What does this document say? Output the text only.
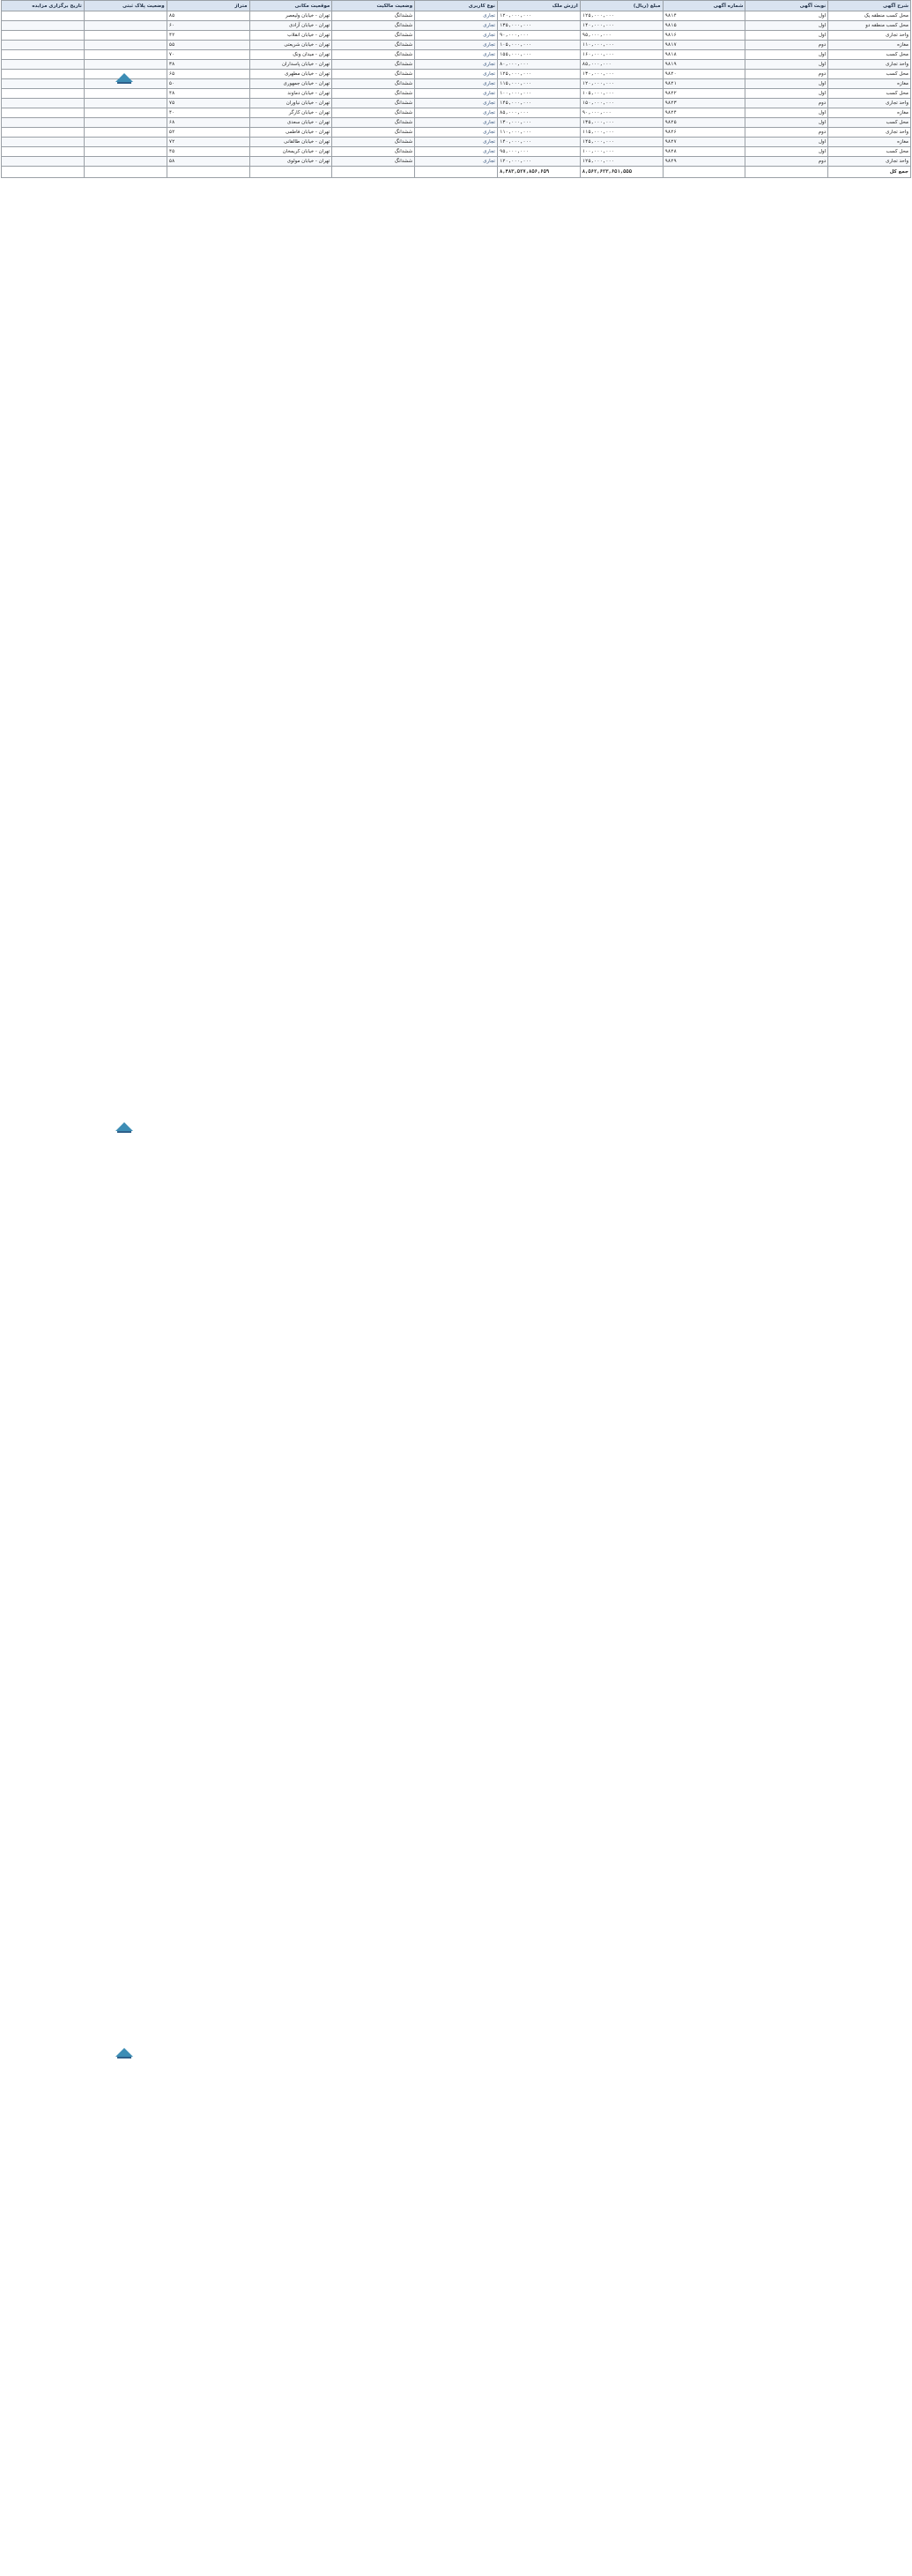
شرح آگهی	نوبت آگهی	شماره آگهی	مبلغ (ریال)	ارزش ملک	نوع کاربری	وضعیت مالکیت	موقعیت مکانی	متراژ	وضعیت پلاک ثبتی	تاریخ برگزاری مزایده
محل کسب منطقه یک	اول	۹۸۱۴	۱۲۵,۰۰۰,۰۰۰	۱۲۰,۰۰۰,۰۰۰	تجاری	ششدانگ	تهران - خیابان ولیعصر	۸۵		
محل کسب منطقه دو	اول	۹۸۱۵	۱۴۰,۰۰۰,۰۰۰	۱۳۵,۰۰۰,۰۰۰	تجاری	ششدانگ	تهران - خیابان آزادی	۶۰		
واحد تجاری	اول	۹۸۱۶	۹۵,۰۰۰,۰۰۰	۹۰,۰۰۰,۰۰۰	تجاری	ششدانگ	تهران - خیابان انقلاب	۴۲		
مغازه	دوم	۹۸۱۷	۱۱۰,۰۰۰,۰۰۰	۱۰۵,۰۰۰,۰۰۰	تجاری	ششدانگ	تهران - خیابان شریعتی	۵۵		
محل کسب	اول	۹۸۱۸	۱۶۰,۰۰۰,۰۰۰	۱۵۵,۰۰۰,۰۰۰	تجاری	ششدانگ	تهران - میدان ونک	۷۰		
واحد تجاری	اول	۹۸۱۹	۸۵,۰۰۰,۰۰۰	۸۰,۰۰۰,۰۰۰	تجاری	ششدانگ	تهران - خیابان پاسداران	۳۸		
محل کسب	دوم	۹۸۲۰	۱۳۰,۰۰۰,۰۰۰	۱۲۵,۰۰۰,۰۰۰	تجاری	ششدانگ	تهران - خیابان مطهری	۶۵		
مغازه	اول	۹۸۲۱	۱۲۰,۰۰۰,۰۰۰	۱۱۵,۰۰۰,۰۰۰	تجاری	ششدانگ	تهران - خیابان جمهوری	۵۰		
محل کسب	اول	۹۸۲۲	۱۰۵,۰۰۰,۰۰۰	۱۰۰,۰۰۰,۰۰۰	تجاری	ششدانگ	تهران - خیابان دماوند	۴۸		
واحد تجاری	دوم	۹۸۲۳	۱۵۰,۰۰۰,۰۰۰	۱۴۵,۰۰۰,۰۰۰	تجاری	ششدانگ	تهران - خیابان نیاوران	۷۵		
مغازه	اول	۹۸۲۴	۹۰,۰۰۰,۰۰۰	۸۵,۰۰۰,۰۰۰	تجاری	ششدانگ	تهران - خیابان کارگر	۴۰		
محل کسب	اول	۹۸۲۵	۱۳۵,۰۰۰,۰۰۰	۱۳۰,۰۰۰,۰۰۰	تجاری	ششدانگ	تهران - خیابان سعدی	۶۸		
واحد تجاری	دوم	۹۸۲۶	۱۱۵,۰۰۰,۰۰۰	۱۱۰,۰۰۰,۰۰۰	تجاری	ششدانگ	تهران - خیابان فاطمی	۵۲		
مغازه	اول	۹۸۲۷	۱۴۵,۰۰۰,۰۰۰	۱۴۰,۰۰۰,۰۰۰	تجاری	ششدانگ	تهران - خیابان طالقانی	۷۲		
محل کسب	اول	۹۸۲۸	۱۰۰,۰۰۰,۰۰۰	۹۵,۰۰۰,۰۰۰	تجاری	ششدانگ	تهران - خیابان کریمخان	۴۵		
واحد تجاری	دوم	۹۸۲۹	۱۲۵,۰۰۰,۰۰۰	۱۲۰,۰۰۰,۰۰۰	تجاری	ششدانگ	تهران - خیابان مولوی	۵۸		
جمع کل			۸,۵۶۲,۶۲۳,۶۵۱,۵۵۵	۸,۴۸۳,۵۲۷,۸۵۶,۶۵۹						
